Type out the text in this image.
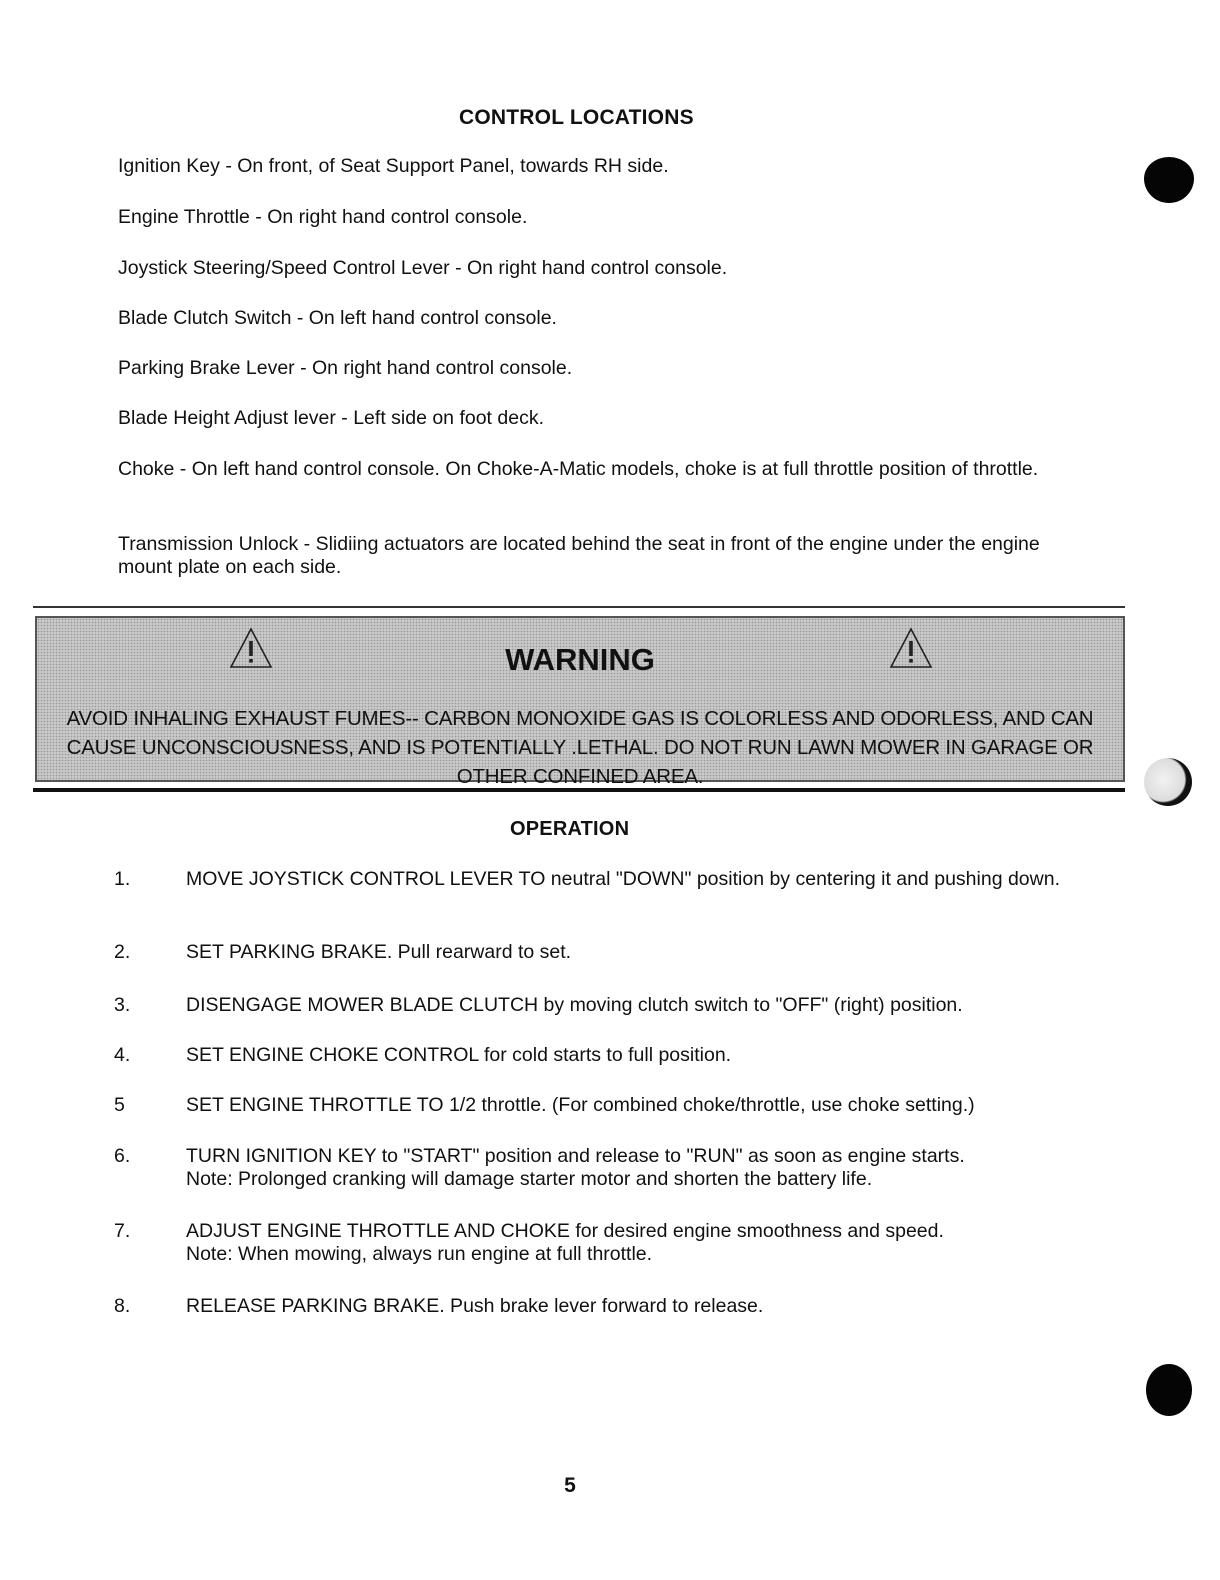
CONTROL LOCATIONS
Ignition Key - On front, of Seat Support Panel, towards RH side.
Engine Throttle - On right hand control console.
Joystick Steering/Speed Control Lever - On right hand control console.
Blade Clutch Switch - On left hand control console.
Parking Brake Lever - On right hand control console.
Blade Height Adjust lever - Left side on foot deck.
Choke - On left hand control console. On Choke-A-Matic models, choke is at full throttle position of throttle.
Transmission Unlock - Slidiing actuators are located behind the seat in front of the engine under the engine mount plate on each side.
WARNING
AVOID INHALING EXHAUST FUMES-- CARBON MONOXIDE GAS IS COLORLESS AND ODORLESS, AND CAN CAUSE UNCONSCIOUSNESS, AND IS POTENTIALLY .LETHAL. DO NOT RUN LAWN MOWER IN GARAGE OR OTHER CONFINED AREA.
OPERATION
1.	MOVE JOYSTICK CONTROL LEVER TO neutral "DOWN" position by centering it and pushing down.
2.	SET PARKING BRAKE. Pull rearward to set.
3.	DISENGAGE MOWER BLADE CLUTCH by moving clutch switch to "OFF" (right) position.
4.	SET ENGINE CHOKE CONTROL for cold starts to full position.
5	SET ENGINE THROTTLE TO 1/2 throttle. (For combined choke/throttle, use choke setting.)
6.	TURN IGNITION KEY to "START" position and release to "RUN" as soon as engine starts.
Note: Prolonged cranking will damage starter motor and shorten the battery life.
7.	ADJUST ENGINE THROTTLE AND CHOKE for desired engine smoothness and speed.
Note: When mowing, always run engine at full throttle.
8.	RELEASE PARKING BRAKE. Push brake lever forward to release.
5
